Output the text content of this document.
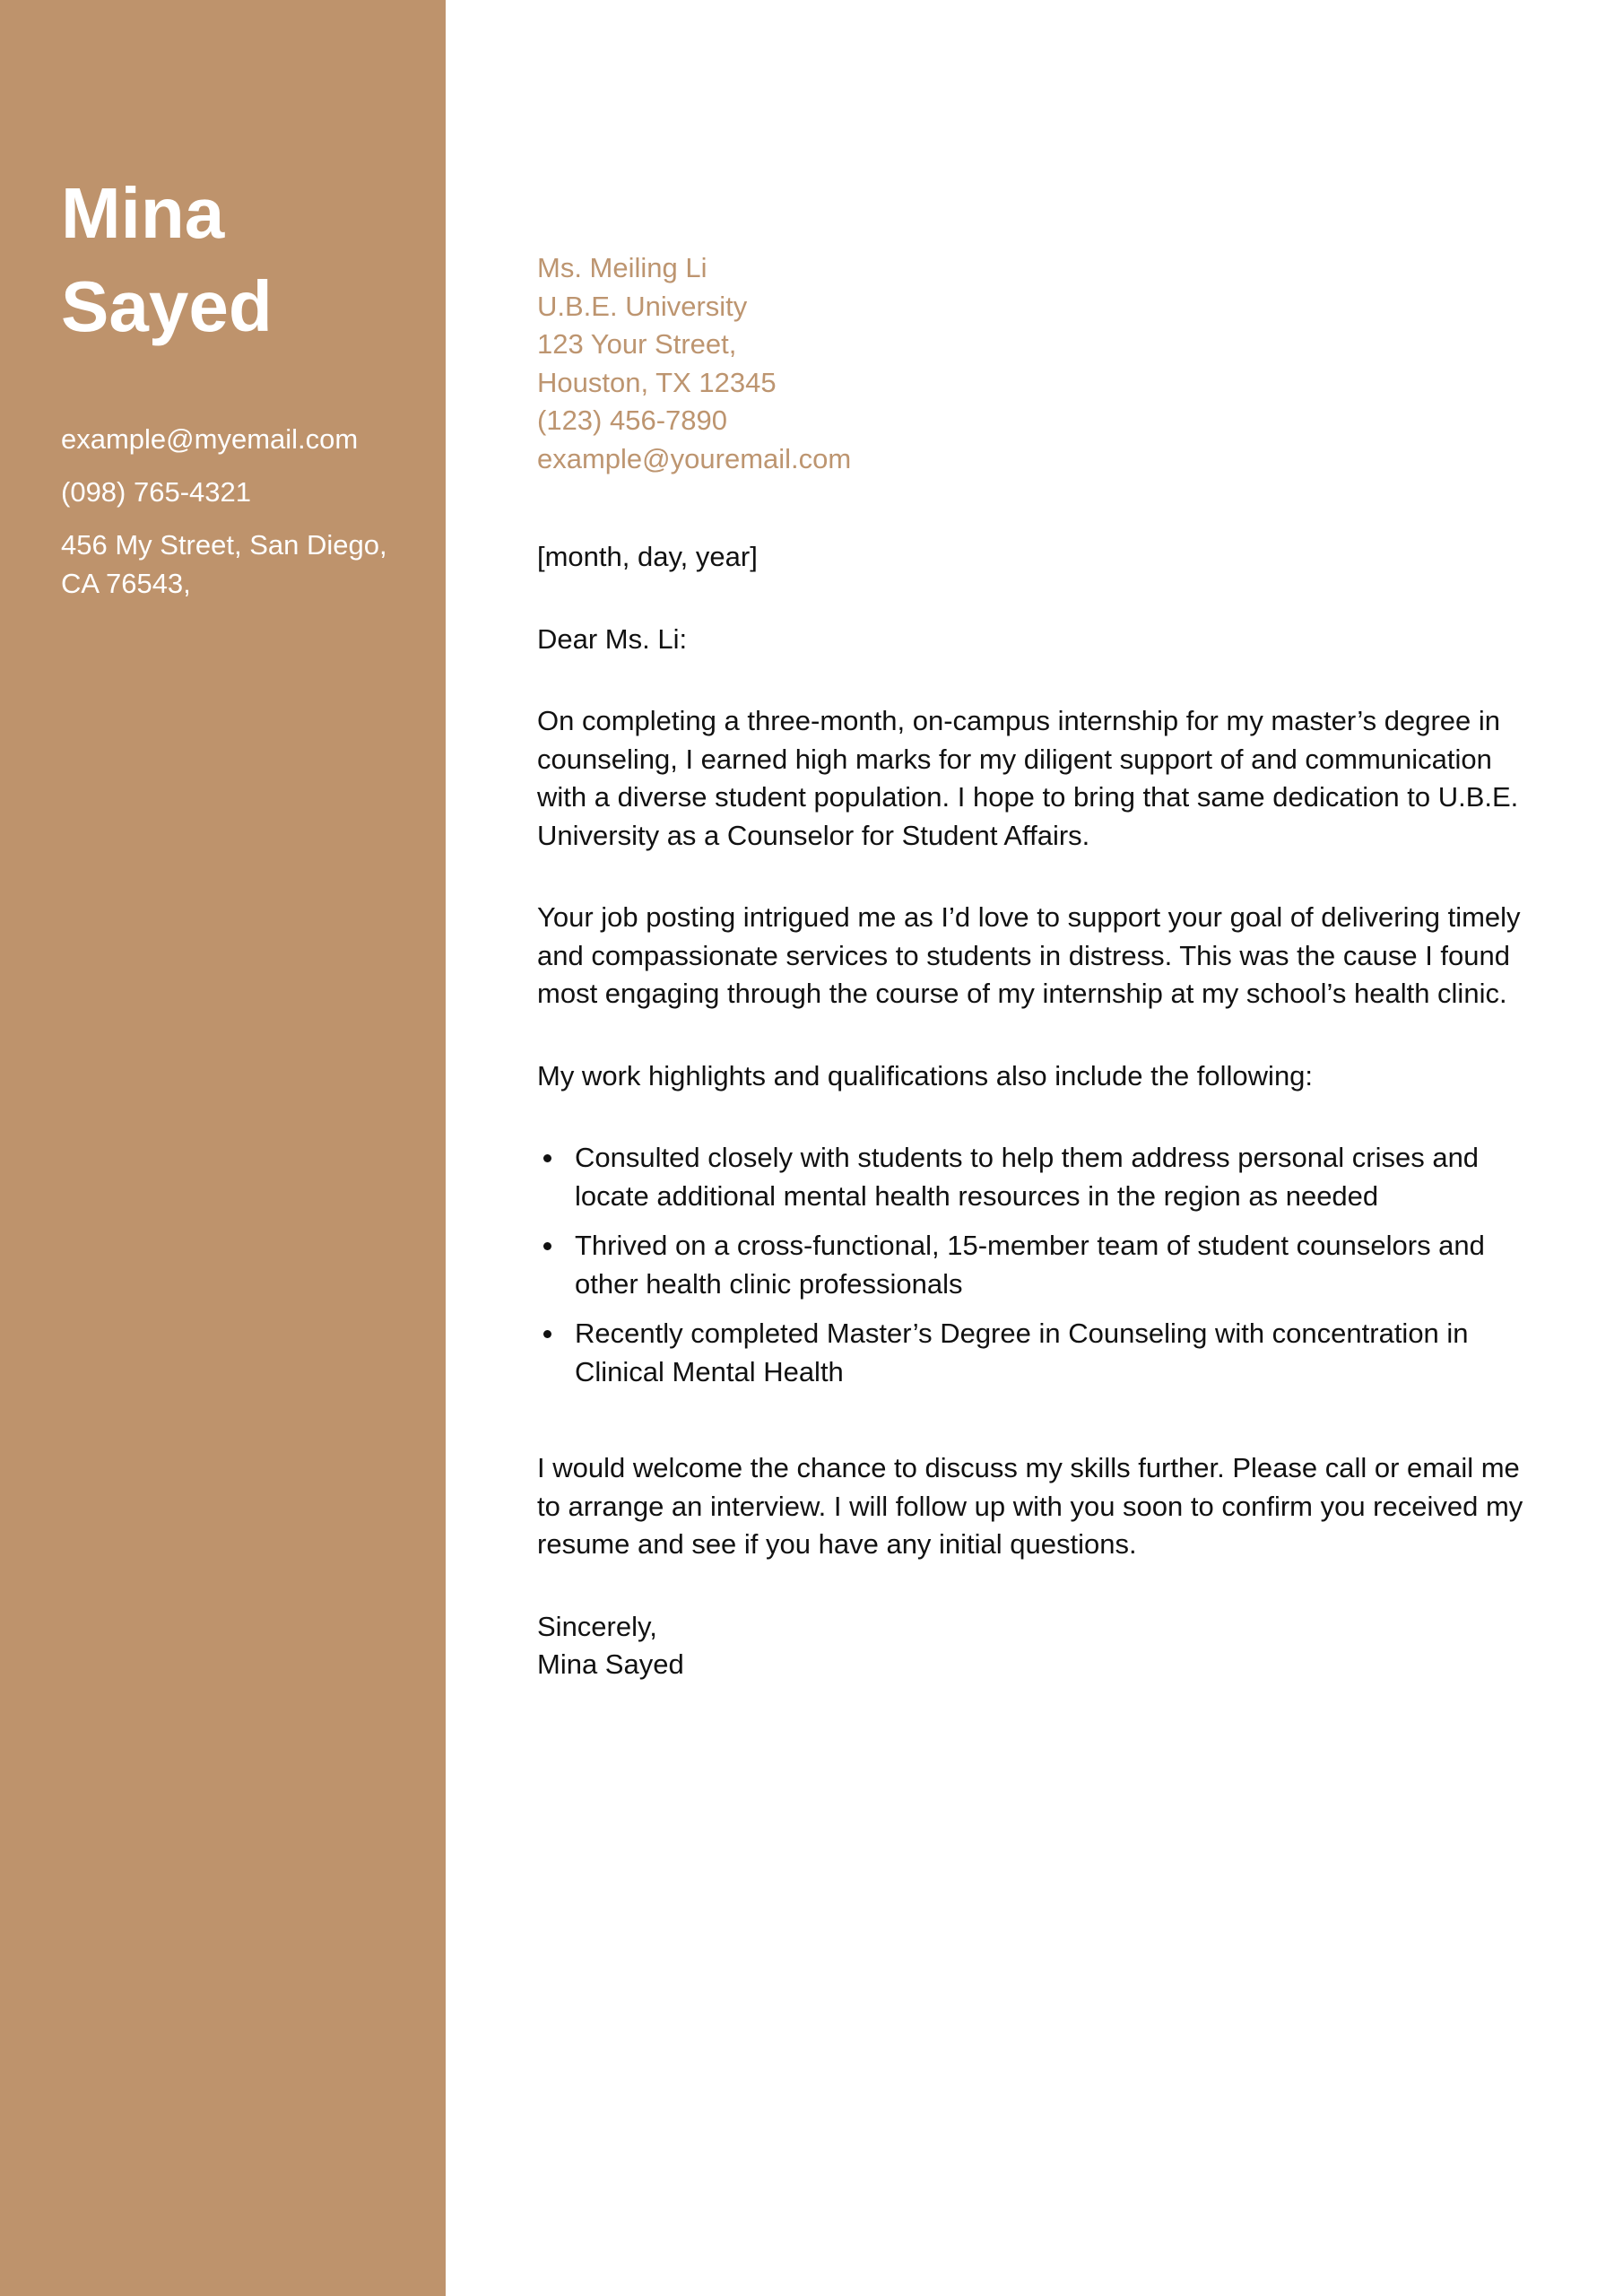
Mina
Sayed
example@myemail.com
(098) 765-4321
456 My Street, San Diego,
CA 76543,
Ms. Meiling Li
U.B.E. University
123 Your Street,
Houston, TX 12345
(123) 456-7890
example@youremail.com

[month, day, year]

Dear Ms. Li:

On completing a three-month, on-campus internship for my master’s degree in counseling, I earned high marks for my diligent support of and communication with a diverse student population. I hope to bring that same dedication to U.B.E. University as a Counselor for Student Affairs.

Your job posting intrigued me as I’d love to support your goal of delivering timely and compassionate services to students in distress. This was the cause I found most engaging through the course of my internship at my school’s health clinic.

My work highlights and qualifications also include the following:

Consulted closely with students to help them address personal crises and locate additional mental health resources in the region as needed
Thrived on a cross-functional, 15-member team of student counselors and other health clinic professionals
Recently completed Master’s Degree in Counseling with concentration in Clinical Mental Health

I would welcome the chance to discuss my skills further. Please call or email me to arrange an interview. I will follow up with you soon to confirm you received my resume and see if you have any initial questions.

Sincerely,
Mina Sayed
